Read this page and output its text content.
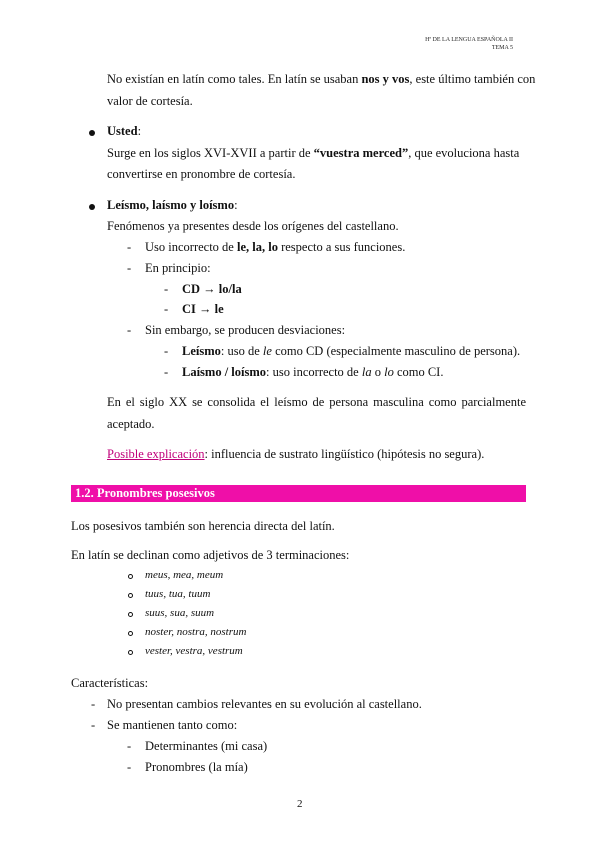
Hª DE LA LENGUA ESPAÑOLA II
TEMA 5
No existían en latín como tales. En latín se usaban nos y vos, este último también con
valor de cortesía.
Usted:
Surge en los siglos XVI-XVII a partir de “vuestra merced”, que evoluciona hasta
convertirse en pronombre de cortesía.
Leísmo, laísmo y loísmo:
Fenómenos ya presentes desde los orígenes del castellano.
- Uso incorrecto de le, la, lo respecto a sus funciones.
- En principio:
- CD → lo/la
- CI → le
- Sin embargo, se producen desviaciones:
- Leísmo: uso de le como CD (especialmente masculino de persona).
- Laísmo / loísmo: uso incorrecto de la o lo como CI.
En el siglo XX se consolida el leísmo de persona masculina como parcialmente
aceptado.
Posible explicación: influencia de sustrato lingüístico (hipótesis no segura).
1.2. Pronombres posesivos
Los posesivos también son herencia directa del latín.
En latín se declinan como adjetivos de 3 terminaciones:
meus, mea, meum
tuus, tua, tuum
suus, sua, suum
noster, nostra, nostrum
vester, vestra, vestrum
Características:
- No presentan cambios relevantes en su evolución al castellano.
- Se mantienen tanto como:
- Determinantes (mi casa)
- Pronombres (la mía)
2
